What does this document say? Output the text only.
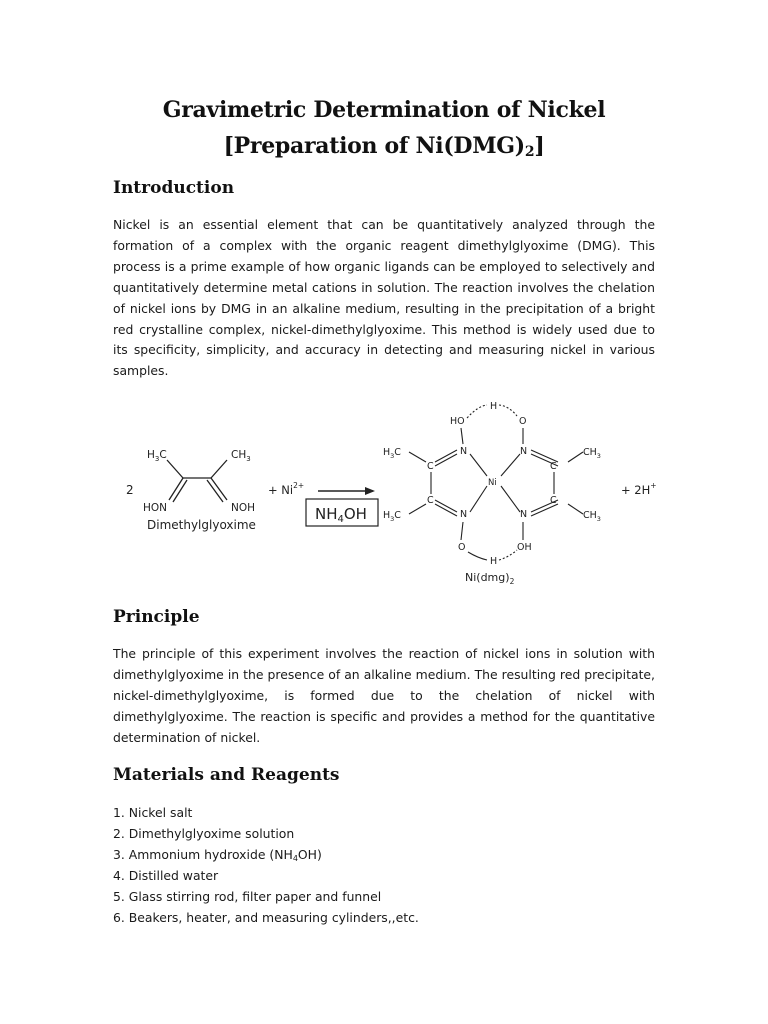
Gravimetric Determination of Nickel
[Preparation of $Ni(DMG)_2$]
Introduction

Nickel is an essential element that can be quantitatively analyzed through the formation of a complex with the organic reagent dimethylglyoxime (DMG). This process is a prime example of how organic ligands can be employed to selectively and quantitatively determine metal cations in solution. The reaction involves the chelation of nickel ions by DMG in an alkaline medium, resulting in the precipitation of a bright red crystalline complex, nickel-dimethylglyoxime. This method is widely used due to its specificity, simplicity, and accuracy in detecting and measuring nickel in various samples.

Principle

The principle of this experiment involves the reaction of nickel ions in solution with dimethylglyoxime in the presence of an alkaline medium. The resulting red precipitate, nickel-dimethylglyoxime, is formed due to the chelation of nickel with dimethylglyoxime. The reaction is specific and provides a method for the quantitative determination of nickel.

Materials and Reagents
1. Nickel salt
2. Dimethylglyoxime solution
3. Ammonium hydroxide $(NH_4OH)$
4. Distilled water
5. Glass stirring rod, filter paper and funnel
6. Beakers, heater, and measuring cylinders,,etc.
2
$H_3C$	$CH_3$
HON	NOH
Dimethylglyoxime
+ $Ni^{2+}$
$NH_4OH$
H
HO	O
$H_3C$	$CH_3$
C	C
N	N
Ni
C	C
N	N
$H_3C$	$CH_3$
O	OH
H
$Ni(dmg)_2$
+ 2H+
